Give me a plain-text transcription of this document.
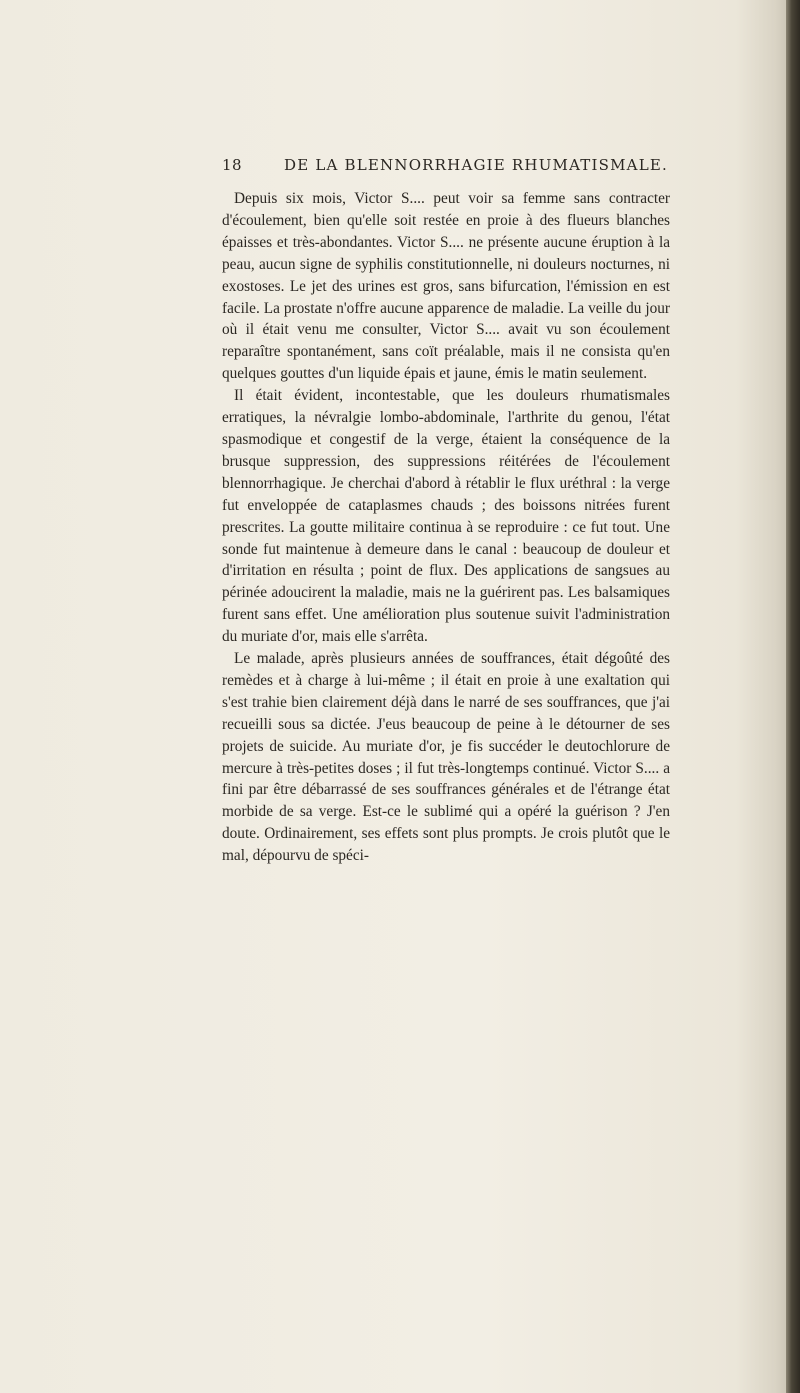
18	DE LA BLENNORRHAGIE RHUMATISMALE.

Depuis six mois, Victor S.... peut voir sa femme sans contracter d'écoulement, bien qu'elle soit restée en proie à des flueurs blanches épaisses et très-abondantes. Victor S.... ne présente aucune éruption à la peau, aucun signe de syphilis constitutionnelle, ni douleurs nocturnes, ni exostoses. Le jet des urines est gros, sans bifurcation, l'émission en est facile. La prostate n'offre aucune apparence de maladie. La veille du jour où il était venu me consulter, Victor S.... avait vu son écoulement reparaître spontanément, sans coït préalable, mais il ne consista qu'en quelques gouttes d'un liquide épais et jaune, émis le matin seulement.

Il était évident, incontestable, que les douleurs rhumatismales erratiques, la névralgie lombo-abdominale, l'arthrite du genou, l'état spasmodique et congestif de la verge, étaient la conséquence de la brusque suppression, des suppressions réitérées de l'écoulement blennorrhagique. Je cherchai d'abord à rétablir le flux uréthral : la verge fut enveloppée de cataplasmes chauds ; des boissons nitrées furent prescrites. La goutte militaire continua à se reproduire : ce fut tout. Une sonde fut maintenue à demeure dans le canal : beaucoup de douleur et d'irritation en résulta ; point de flux. Des applications de sangsues au périnée adoucirent la maladie, mais ne la guérirent pas. Les balsamiques furent sans effet. Une amélioration plus soutenue suivit l'administration du muriate d'or, mais elle s'arrêta.

Le malade, après plusieurs années de souffrances, était dégoûté des remèdes et à charge à lui-même ; il était en proie à une exaltation qui s'est trahie bien clairement déjà dans le narré de ses souffrances, que j'ai recueilli sous sa dictée. J'eus beaucoup de peine à le détourner de ses projets de suicide. Au muriate d'or, je fis succéder le deutochlorure de mercure à très-petites doses ; il fut très-longtemps continué. Victor S.... a fini par être débarrassé de ses souffrances générales et de l'étrange état morbide de sa verge. Est-ce le sublimé qui a opéré la guérison ? J'en doute. Ordinairement, ses effets sont plus prompts. Je crois plutôt que le mal, dépourvu de spéci-
